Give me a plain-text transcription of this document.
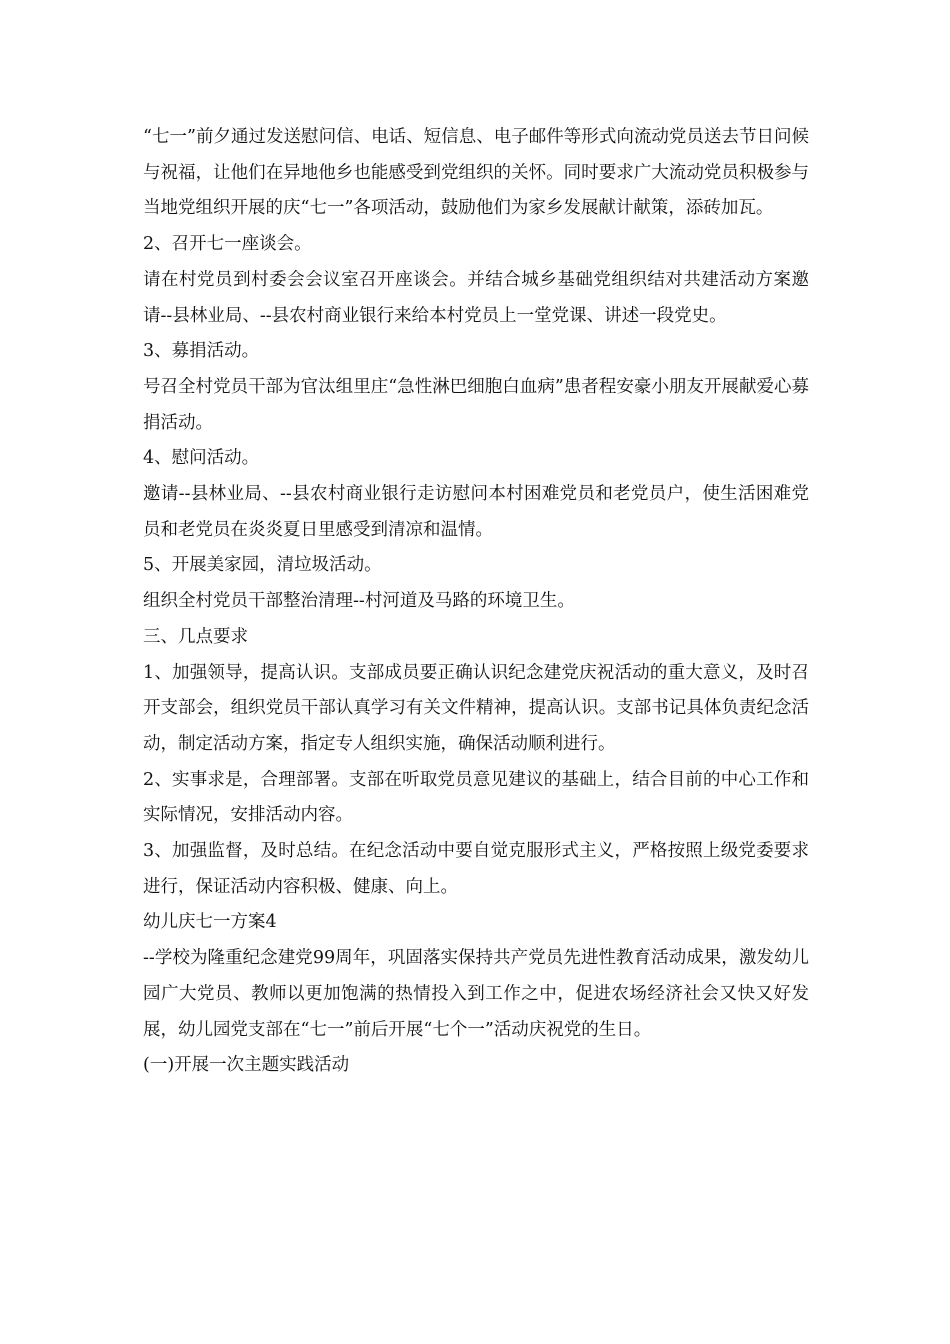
“七一”前夕通过发送慰问信、电话、短信息、电子邮件等形式向流动党员送去节日问候与祝福，让他们在异地他乡也能感受到党组织的关怀。同时要求广大流动党员积极参与当地党组织开展的庆“七一”各项活动，鼓励他们为家乡发展献计献策，添砖加瓦。

2、召开七一座谈会。

请在村党员到村委会会议室召开座谈会。并结合城乡基础党组织结对共建活动方案邀请--县林业局、--县农村商业银行来给本村党员上一堂党课、讲述一段党史。

3、募捐活动。

号召全村党员干部为官汰组里庄“急性淋巴细胞白血病”患者程安豪小朋友开展献爱心募捐活动。

4、慰问活动。

邀请--县林业局、--县农村商业银行走访慰问本村困难党员和老党员户，使生活困难党员和老党员在炎炎夏日里感受到清凉和温情。

5、开展美家园，清垃圾活动。

组织全村党员干部整治清理--村河道及马路的环境卫生。

三、几点要求

1、加强领导，提高认识。支部成员要正确认识纪念建党庆祝活动的重大意义，及时召开支部会，组织党员干部认真学习有关文件精神，提高认识。支部书记具体负责纪念活动，制定活动方案，指定专人组织实施，确保活动顺利进行。

2、实事求是，合理部署。支部在听取党员意见建议的基础上，结合目前的中心工作和实际情况，安排活动内容。

3、加强监督，及时总结。在纪念活动中要自觉克服形式主义，严格按照上级党委要求进行，保证活动内容积极、健康、向上。

幼儿庆七一方案4

--学校为隆重纪念建党99周年，巩固落实保持共产党员先进性教育活动成果，激发幼儿园广大党员、教师以更加饱满的热情投入到工作之中，促进农场经济社会又快又好发展，幼儿园党支部在“七一”前后开展“七个一”活动庆祝党的生日。

(一)开展一次主题实践活动
